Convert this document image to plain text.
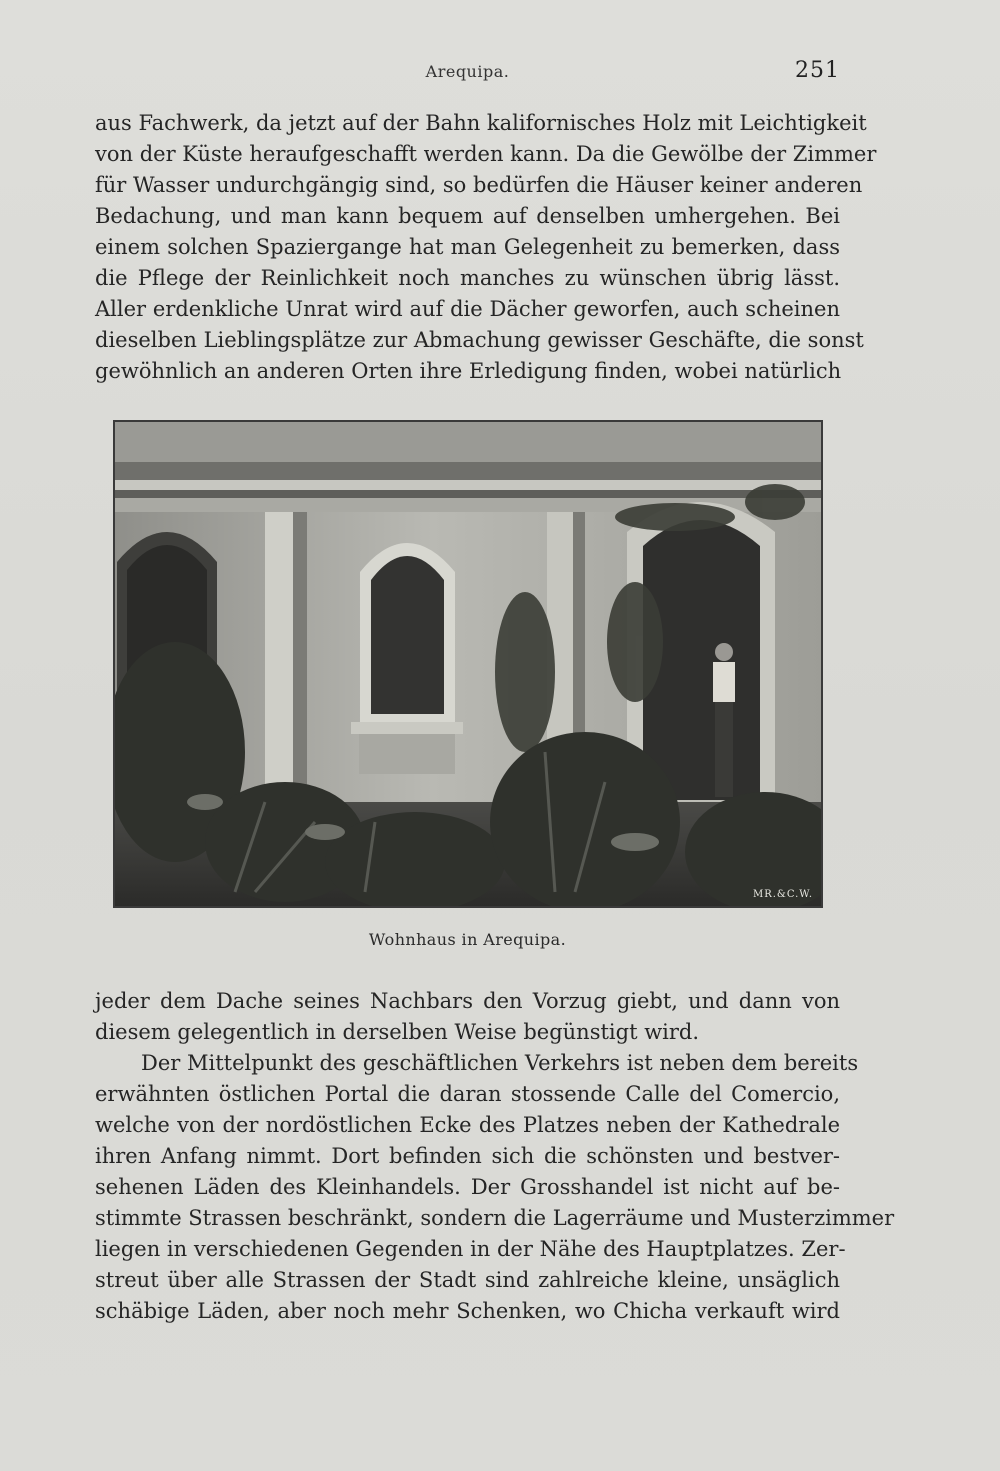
Arequipa.	251
aus Fachwerk, da jetzt auf der Bahn kalifornisches Holz mit Leichtigkeit
von der Küste heraufgeschafft werden kann. Da die Gewölbe der Zimmer
für Wasser undurchgängig sind, so bedürfen die Häuser keiner anderen
Bedachung, und man kann bequem auf denselben umhergehen. Bei
einem solchen Spaziergange hat man Gelegenheit zu bemerken, dass
die Pflege der Reinlichkeit noch manches zu wünschen übrig lässt.
Aller erdenkliche Unrat wird auf die Dächer geworfen, auch scheinen
dieselben Lieblingsplätze zur Abmachung gewisser Geschäfte, die sonst
gewöhnlich an anderen Orten ihre Erledigung finden, wobei natürlich
MR.&C.W.
Wohnhaus in Arequipa.
jeder dem Dache seines Nachbars den Vorzug giebt, und dann von
diesem gelegentlich in derselben Weise begünstigt wird.
Der Mittelpunkt des geschäftlichen Verkehrs ist neben dem bereits
erwähnten östlichen Portal die daran stossende Calle del Comercio,
welche von der nordöstlichen Ecke des Platzes neben der Kathedrale
ihren Anfang nimmt. Dort befinden sich die schönsten und bestver-
sehenen Läden des Kleinhandels. Der Grosshandel ist nicht auf be-
stimmte Strassen beschränkt, sondern die Lagerräume und Musterzimmer
liegen in verschiedenen Gegenden in der Nähe des Hauptplatzes. Zer-
streut über alle Strassen der Stadt sind zahlreiche kleine, unsäglich
schäbige Läden, aber noch mehr Schenken, wo Chicha verkauft wird
